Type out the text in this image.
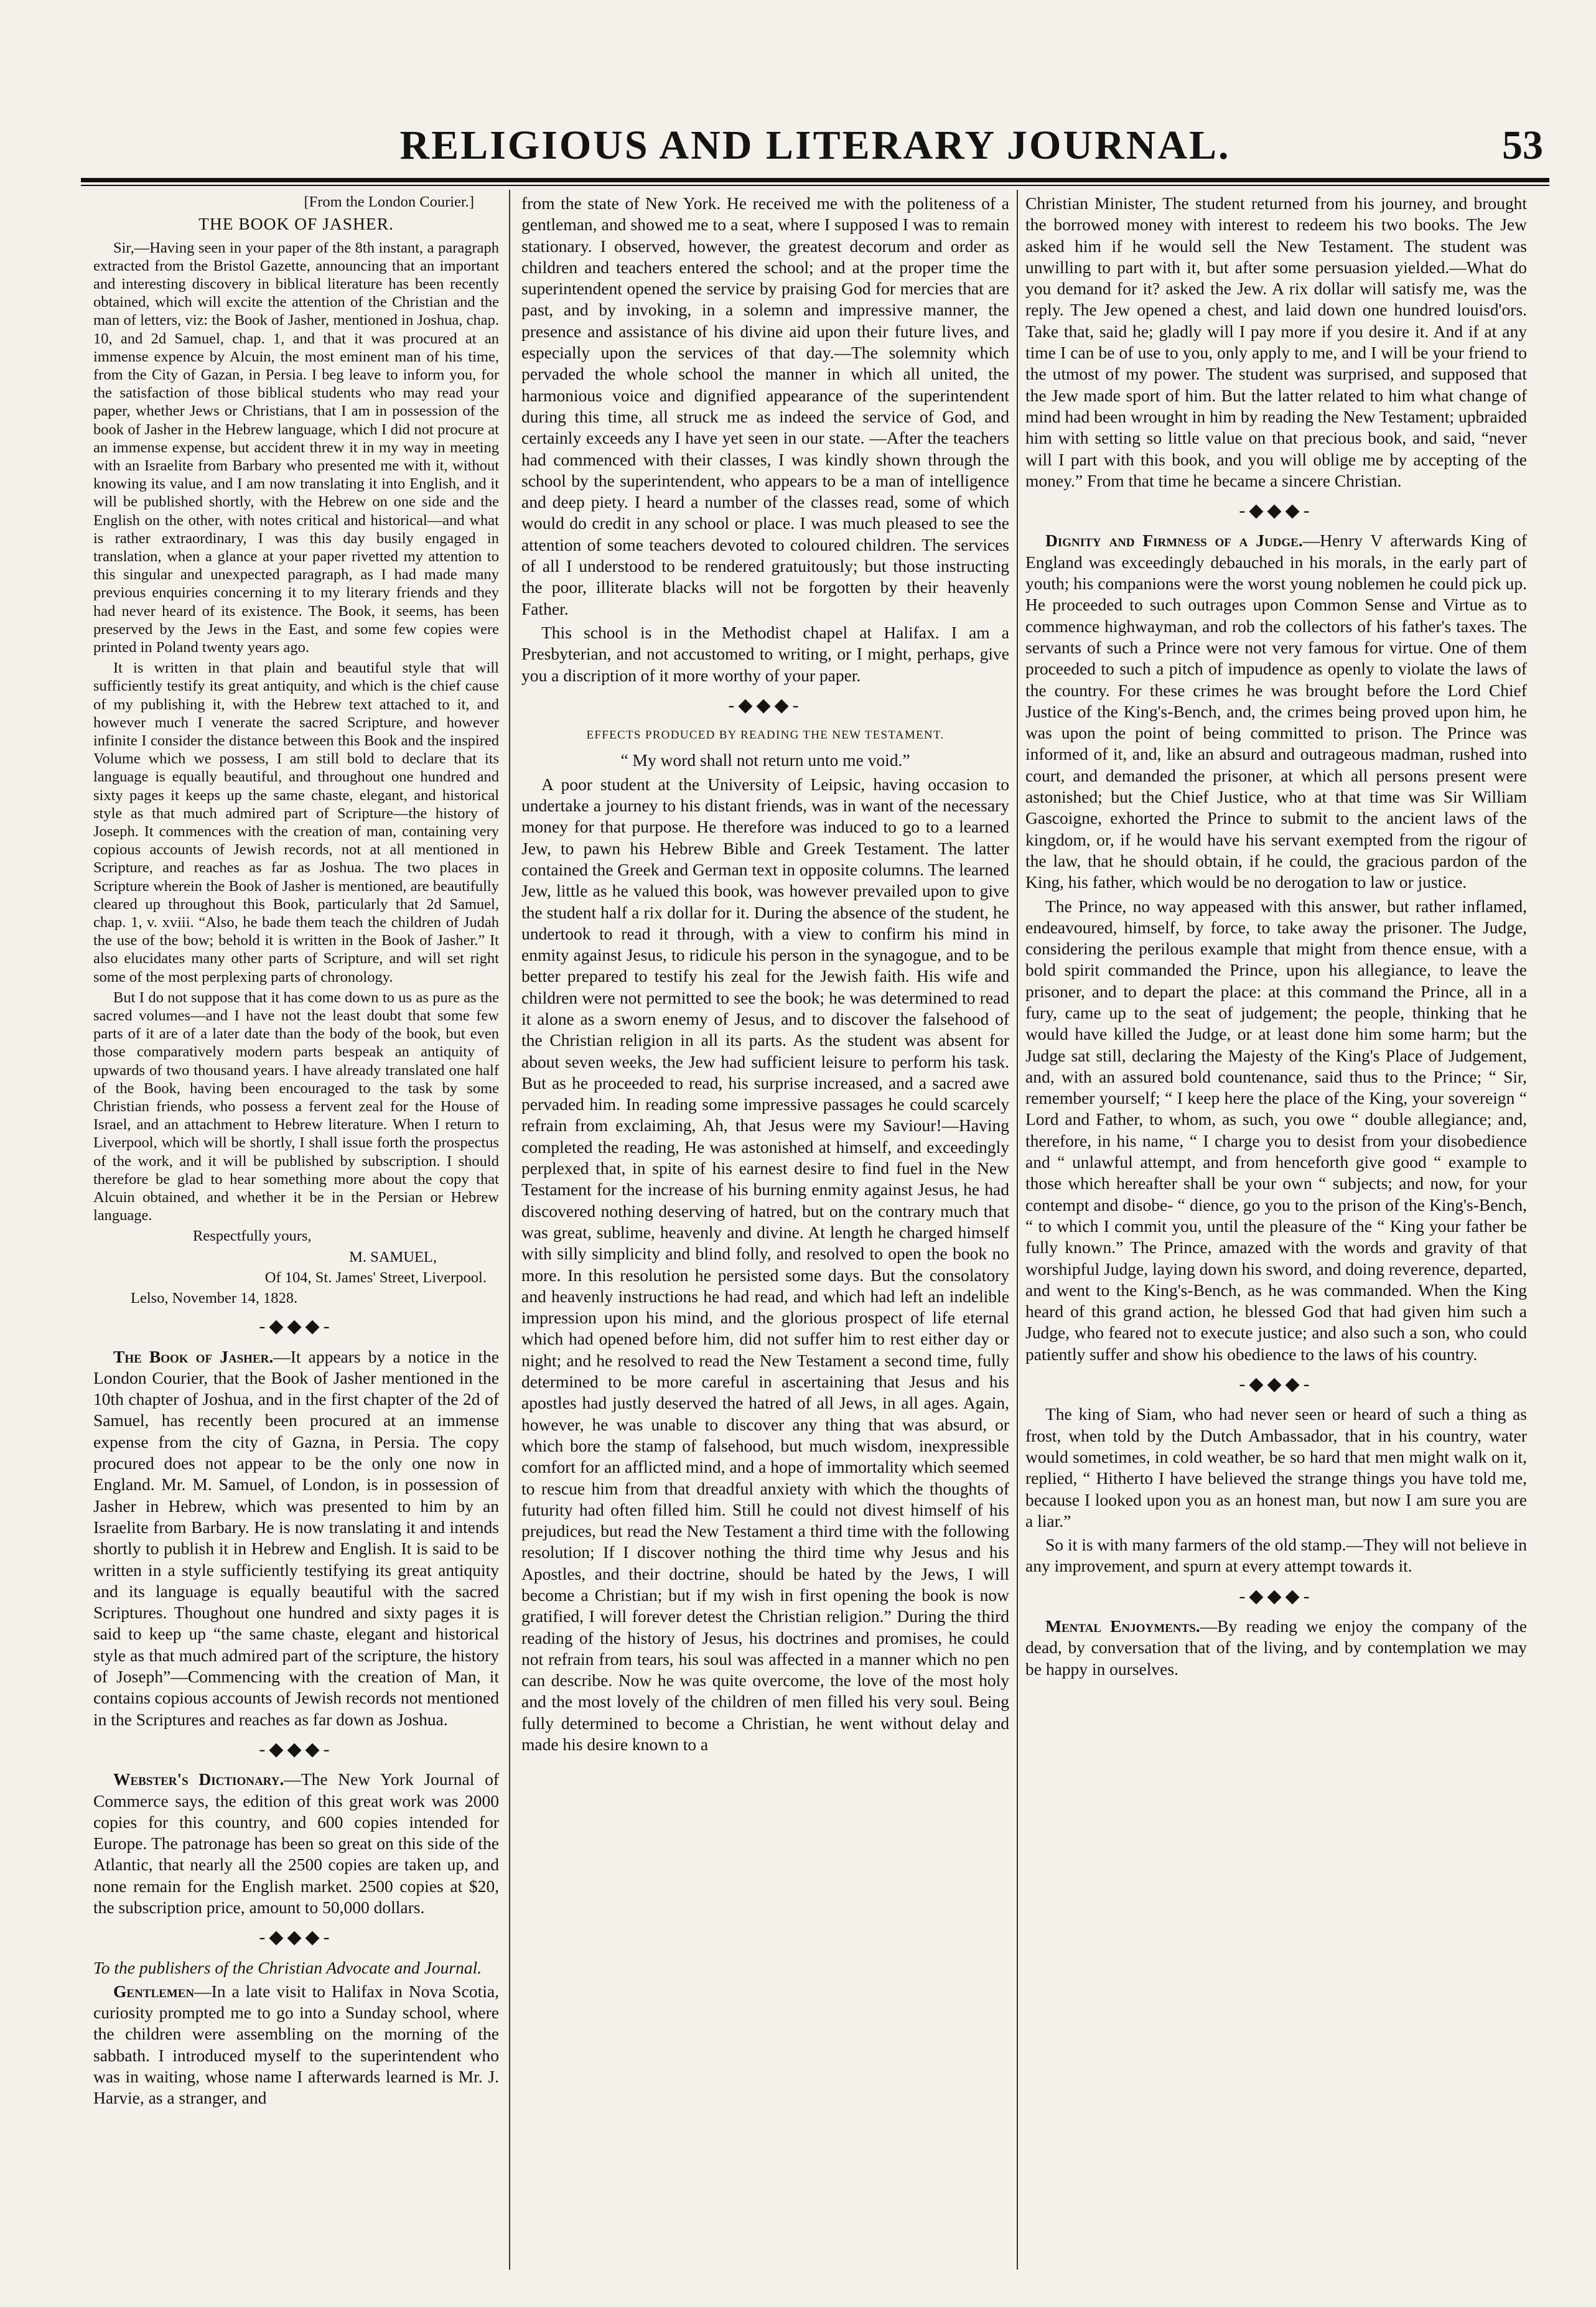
RELIGIOUS AND LITERARY JOURNAL.	53

[From the London Courier.]

THE BOOK OF JASHER.

Sir,—Having seen in your paper of the 8th instant, a paragraph extracted from the Bristol Gazette, announcing that an important and interesting discovery in biblical literature has been recently obtained, which will excite the attention of the Christian and the man of letters, viz: the Book of Jasher, mentioned in Joshua, chap. 10, and 2d Samuel, chap. 1, and that it was procured at an immense expence by Alcuin, the most eminent man of his time, from the City of Gazan, in Persia. I beg leave to inform you, for the satisfaction of those biblical students who may read your paper, whether Jews or Christians, that I am in possession of the book of Jasher in the Hebrew language, which I did not procure at an immense expense, but accident threw it in my way in meeting with an Israelite from Barbary who presented me with it, without knowing its value, and I am now translating it into English, and it will be published shortly, with the Hebrew on one side and the English on the other, with notes critical and historical—and what is rather extraordinary, I was this day busily engaged in translation, when a glance at your paper rivetted my attention to this singular and unexpected paragraph, as I had made many previous enquiries concerning it to my literary friends and they had never heard of its existence. The Book, it seems, has been preserved by the Jews in the East, and some few copies were printed in Poland twenty years ago.

It is written in that plain and beautiful style that will sufficiently testify its great antiquity, and which is the chief cause of my publishing it, with the Hebrew text attached to it, and however much I venerate the sacred Scripture, and however infinite I consider the distance between this Book and the inspired Volume which we possess, I am still bold to declare that its language is equally beautiful, and throughout one hundred and sixty pages it keeps up the same chaste, elegant, and historical style as that much admired part of Scripture—the history of Joseph. It commences with the creation of man, containing very copious accounts of Jewish records, not at all mentioned in Scripture, and reaches as far as Joshua. The two places in Scripture wherein the Book of Jasher is mentioned, are beautifully cleared up throughout this Book, particularly that 2d Samuel, chap. 1, v. xviii. “Also, he bade them teach the children of Judah the use of the bow; behold it is written in the Book of Jasher.” It also elucidates many other parts of Scripture, and will set right some of the most perplexing parts of chronology.

But I do not suppose that it has come down to us as pure as the sacred volumes—and I have not the least doubt that some few parts of it are of a later date than the body of the book, but even those comparatively modern parts bespeak an antiquity of upwards of two thousand years. I have already translated one half of the Book, having been encouraged to the task by some Christian friends, who possess a fervent zeal for the House of Israel, and an attachment to Hebrew literature. When I return to Liverpool, which will be shortly, I shall issue forth the prospectus of the work, and it will be published by subscription. I should therefore be glad to hear something more about the copy that Alcuin obtained, and whether it be in the Persian or Hebrew language.

Respectfully yours,

M. SAMUEL,

Of 104, St. James' Street, Liverpool.

Lelso, November 14, 1828.

-◆◆◆-

The Book of Jasher.—It appears by a notice in the London Courier, that the Book of Jasher mentioned in the 10th chapter of Joshua, and in the first chapter of the 2d of Samuel, has recently been procured at an immense expense from the city of Gazna, in Persia. The copy procured does not appear to be the only one now in England. Mr. M. Samuel, of London, is in possession of Jasher in Hebrew, which was presented to him by an Israelite from Barbary. He is now translating it and intends shortly to publish it in Hebrew and English. It is said to be written in a style sufficiently testifying its great antiquity and its language is equally beautiful with the sacred Scriptures. Thoughout one hundred and sixty pages it is said to keep up “the same chaste, elegant and historical style as that much admired part of the scripture, the history of Joseph”—Commencing with the creation of Man, it contains copious accounts of Jewish records not mentioned in the Scriptures and reaches as far down as Joshua.

-◆◆◆-

Webster's Dictionary.—The New York Journal of Commerce says, the edition of this great work was 2000 copies for this country, and 600 copies intended for Europe. The patronage has been so great on this side of the Atlantic, that nearly all the 2500 copies are taken up, and none remain for the English market. 2500 copies at $20, the subscription price, amount to 50,000 dollars.

-◆◆◆-

To the publishers of the Christian Advocate and Journal.

Gentlemen—In a late visit to Halifax in Nova Scotia, curiosity prompted me to go into a Sunday school, where the children were assembling on the morning of the sabbath. I introduced myself to the superintendent who was in waiting, whose name I afterwards learned is Mr. J. Harvie, as a stranger, and

from the state of New York. He received me with the politeness of a gentleman, and showed me to a seat, where I supposed I was to remain stationary. I observed, however, the greatest decorum and order as children and teachers entered the school; and at the proper time the superintendent opened the service by praising God for mercies that are past, and by invoking, in a solemn and impressive manner, the presence and assistance of his divine aid upon their future lives, and especially upon the services of that day.—The solemnity which pervaded the whole school the manner in which all united, the harmonious voice and dignified appearance of the superintendent during this time, all struck me as indeed the service of God, and certainly exceeds any I have yet seen in our state. —After the teachers had commenced with their classes, I was kindly shown through the school by the superintendent, who appears to be a man of intelligence and deep piety. I heard a number of the classes read, some of which would do credit in any school or place. I was much pleased to see the attention of some teachers devoted to coloured children. The services of all I understood to be rendered gratuitously; but those instructing the poor, illiterate blacks will not be forgotten by their heavenly Father.

This school is in the Methodist chapel at Halifax. I am a Presbyterian, and not accustomed to writing, or I might, perhaps, give you a discription of it more worthy of your paper.

-◆◆◆-

EFFECTS PRODUCED BY READING THE NEW TESTAMENT.

“ My word shall not return unto me void.”

A poor student at the University of Leipsic, having occasion to undertake a journey to his distant friends, was in want of the necessary money for that purpose. He therefore was induced to go to a learned Jew, to pawn his Hebrew Bible and Greek Testament. The latter contained the Greek and German text in opposite columns. The learned Jew, little as he valued this book, was however prevailed upon to give the student half a rix dollar for it. During the absence of the student, he undertook to read it through, with a view to confirm his mind in enmity against Jesus, to ridicule his person in the synagogue, and to be better prepared to testify his zeal for the Jewish faith. His wife and children were not permitted to see the book; he was determined to read it alone as a sworn enemy of Jesus, and to discover the falsehood of the Christian religion in all its parts. As the student was absent for about seven weeks, the Jew had sufficient leisure to perform his task. But as he proceeded to read, his surprise increased, and a sacred awe pervaded him. In reading some impressive passages he could scarcely refrain from exclaiming, Ah, that Jesus were my Saviour!—Having completed the reading, He was astonished at himself, and exceedingly perplexed that, in spite of his earnest desire to find fuel in the New Testament for the increase of his burning enmity against Jesus, he had discovered nothing deserving of hatred, but on the contrary much that was great, sublime, heavenly and divine. At length he charged himself with silly simplicity and blind folly, and resolved to open the book no more. In this resolution he persisted some days. But the consolatory and heavenly instructions he had read, and which had left an indelible impression upon his mind, and the glorious prospect of life eternal which had opened before him, did not suffer him to rest either day or night; and he resolved to read the New Testament a second time, fully determined to be more careful in ascertaining that Jesus and his apostles had justly deserved the hatred of all Jews, in all ages. Again, however, he was unable to discover any thing that was absurd, or which bore the stamp of falsehood, but much wisdom, inexpressible comfort for an afflicted mind, and a hope of immortality which seemed to rescue him from that dreadful anxiety with which the thoughts of futurity had often filled him. Still he could not divest himself of his prejudices, but read the New Testament a third time with the following resolution; If I discover nothing the third time why Jesus and his Apostles, and their doctrine, should be hated by the Jews, I will become a Christian; but if my wish in first opening the book is now gratified, I will forever detest the Christian religion.” During the third reading of the history of Jesus, his doctrines and promises, he could not refrain from tears, his soul was affected in a manner which no pen can describe. Now he was quite overcome, the love of the most holy and the most lovely of the children of men filled his very soul. Being fully determined to become a Christian, he went without delay and made his desire known to a

Christian Minister, The student returned from his journey, and brought the borrowed money with interest to redeem his two books. The Jew asked him if he would sell the New Testament. The student was unwilling to part with it, but after some persuasion yielded.—What do you demand for it? asked the Jew. A rix dollar will satisfy me, was the reply. The Jew opened a chest, and laid down one hundred louisd'ors. Take that, said he; gladly will I pay more if you desire it. And if at any time I can be of use to you, only apply to me, and I will be your friend to the utmost of my power. The student was surprised, and supposed that the Jew made sport of him. But the latter related to him what change of mind had been wrought in him by reading the New Testament; upbraided him with setting so little value on that precious book, and said, “never will I part with this book, and you will oblige me by accepting of the money.” From that time he became a sincere Christian.

-◆◆◆-

Dignity and Firmness of a Judge.—Henry V afterwards King of England was exceedingly debauched in his morals, in the early part of youth; his companions were the worst young noblemen he could pick up. He proceeded to such outrages upon Common Sense and Virtue as to commence highwayman, and rob the collectors of his father's taxes. The servants of such a Prince were not very famous for virtue. One of them proceeded to such a pitch of impudence as openly to violate the laws of the country. For these crimes he was brought before the Lord Chief Justice of the King's-Bench, and, the crimes being proved upon him, he was upon the point of being committed to prison. The Prince was informed of it, and, like an absurd and outrageous madman, rushed into court, and demanded the prisoner, at which all persons present were astonished; but the Chief Justice, who at that time was Sir William Gascoigne, exhorted the Prince to submit to the ancient laws of the kingdom, or, if he would have his servant exempted from the rigour of the law, that he should obtain, if he could, the gracious pardon of the King, his father, which would be no derogation to law or justice.

The Prince, no way appeased with this answer, but rather inflamed, endeavoured, himself, by force, to take away the prisoner. The Judge, considering the perilous example that might from thence ensue, with a bold spirit commanded the Prince, upon his allegiance, to leave the prisoner, and to depart the place: at this command the Prince, all in a fury, came up to the seat of judgement; the people, thinking that he would have killed the Judge, or at least done him some harm; but the Judge sat still, declaring the Majesty of the King's Place of Judgement, and, with an assured bold countenance, said thus to the Prince; “ Sir, remember yourself; “ I keep here the place of the King, your sovereign “ Lord and Father, to whom, as such, you owe “ double allegiance; and, therefore, in his name, “ I charge you to desist from your disobedience and “ unlawful attempt, and from henceforth give good “ example to those which hereafter shall be your own “ subjects; and now, for your contempt and disobe- “ dience, go you to the prison of the King's-Bench, “ to which I commit you, until the pleasure of the “ King your father be fully known.” The Prince, amazed with the words and gravity of that worshipful Judge, laying down his sword, and doing reverence, departed, and went to the King's-Bench, as he was commanded. When the King heard of this grand action, he blessed God that had given him such a Judge, who feared not to execute justice; and also such a son, who could patiently suffer and show his obedience to the laws of his country.

-◆◆◆-

The king of Siam, who had never seen or heard of such a thing as frost, when told by the Dutch Ambassador, that in his country, water would sometimes, in cold weather, be so hard that men might walk on it, replied, “ Hitherto I have believed the strange things you have told me, because I looked upon you as an honest man, but now I am sure you are a liar.”

So it is with many farmers of the old stamp.—They will not believe in any improvement, and spurn at every attempt towards it.

-◆◆◆-

Mental Enjoyments.—By reading we enjoy the company of the dead, by conversation that of the living, and by contemplation we may be happy in ourselves.
